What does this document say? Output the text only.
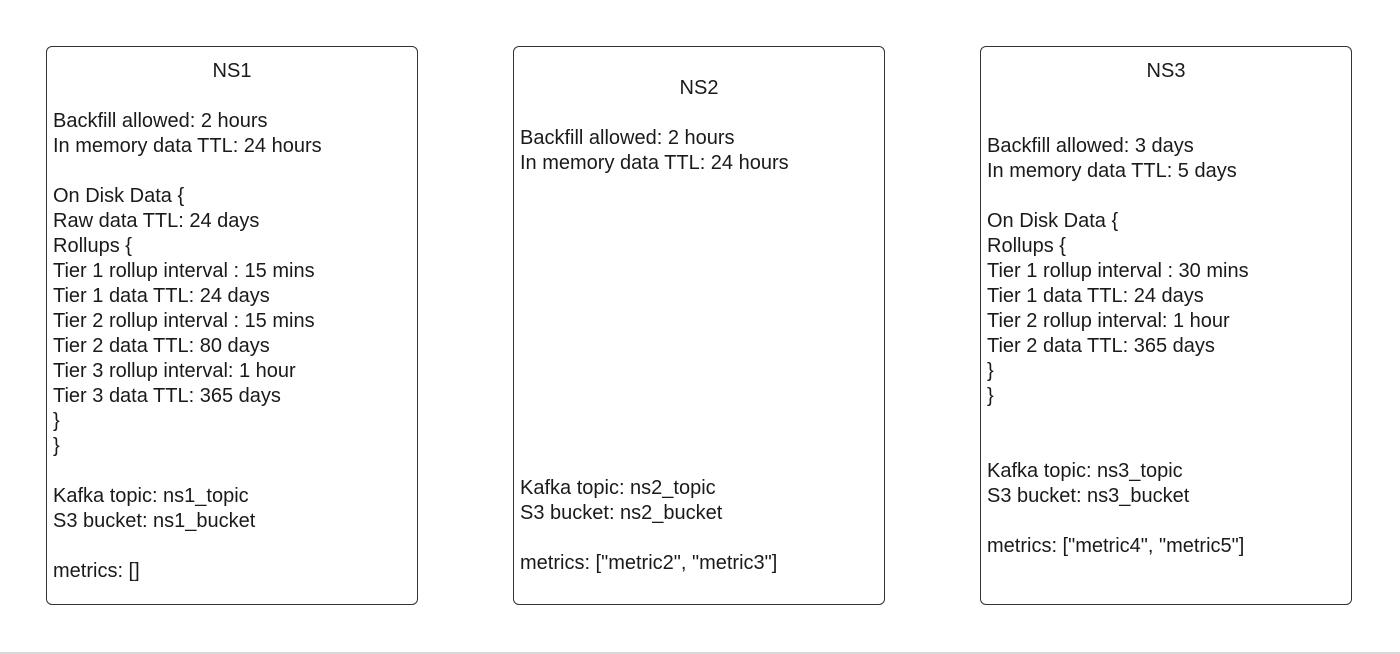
NS1
Backfill allowed: 2 hours
In memory data TTL: 24 hours
On Disk Data {
Raw data TTL: 24 days
Rollups {
Tier 1 rollup interval : 15 mins
Tier 1 data TTL: 24 days
Tier 2 rollup interval : 15 mins
Tier 2 data TTL: 80 days
Tier 3 rollup interval: 1 hour
Tier 3 data TTL: 365 days
}
}
Kafka topic: ns1_topic
S3 bucket: ns1_bucket
metrics: []
NS2
Backfill allowed: 2 hours
In memory data TTL: 24 hours
Kafka topic: ns2_topic
S3 bucket: ns2_bucket
metrics: ["metric2", "metric3"]
NS3
Backfill allowed: 3 days
In memory data TTL: 5 days
On Disk Data {
Rollups {
Tier 1 rollup interval : 30 mins
Tier 1 data TTL: 24 days
Tier 2 rollup interval: 1 hour
Tier 2 data TTL: 365 days
}
}
Kafka topic: ns3_topic
S3 bucket: ns3_bucket
metrics: ["metric4", "metric5"]
